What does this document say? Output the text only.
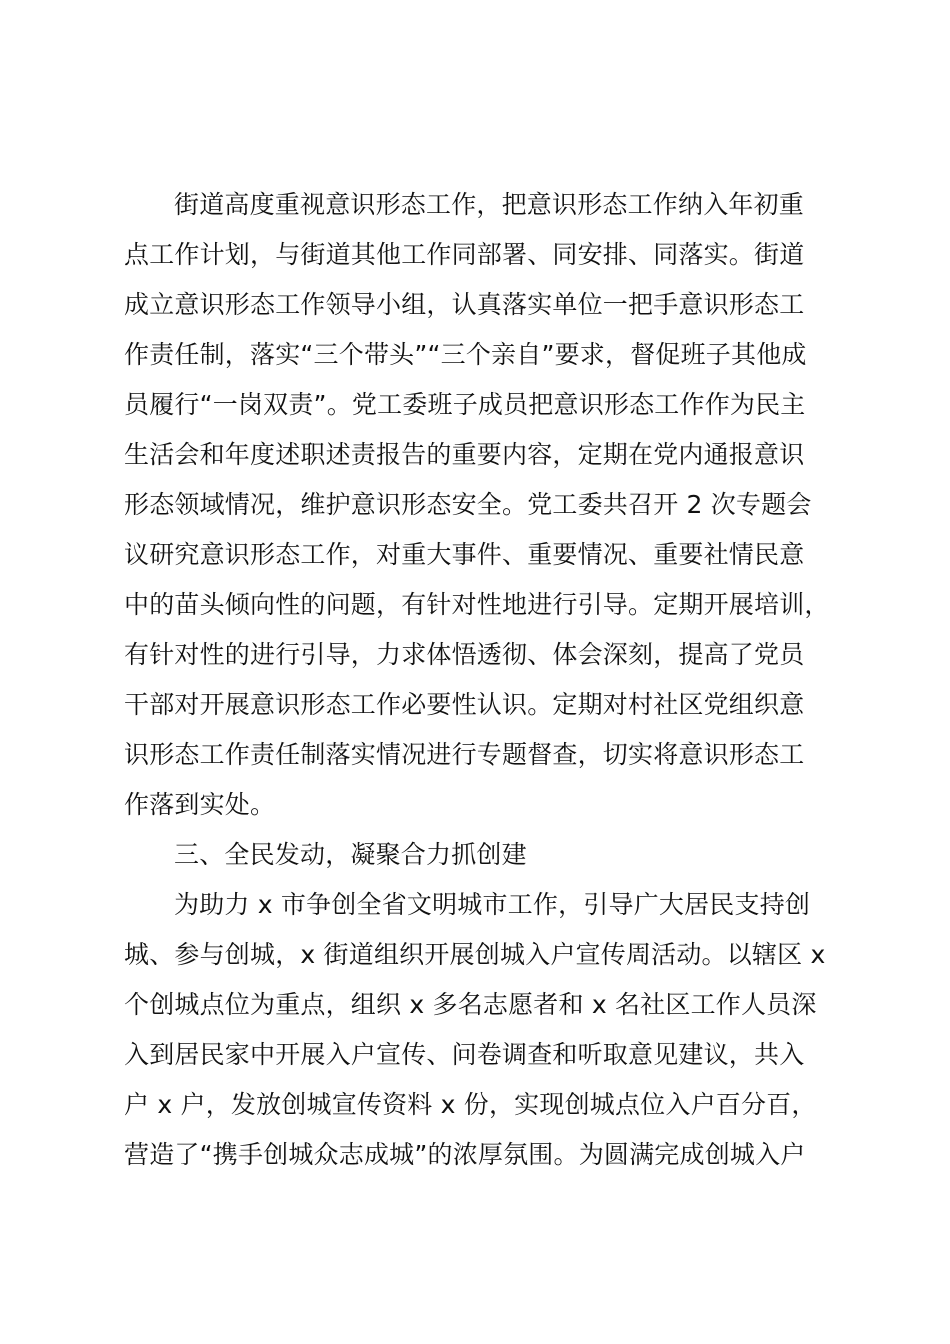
街道高度重视意识形态工作，把意识形态工作纳入年初重
点工作计划，与街道其他工作同部署、同安排、同落实。街道
成立意识形态工作领导小组，认真落实单位一把手意识形态工
作责任制，落实“三个带头”“三个亲自”要求，督促班子其他成
员履行“一岗双责”。党工委班子成员把意识形态工作作为民主
生活会和年度述职述责报告的重要内容，定期在党内通报意识
形态领域情况，维护意识形态安全。党工委共召开 2 次专题会
议研究意识形态工作，对重大事件、重要情况、重要社情民意
中的苗头倾向性的问题，有针对性地进行引导。定期开展培训，
有针对性的进行引导，力求体悟透彻、体会深刻，提高了党员
干部对开展意识形态工作必要性认识。定期对村社区党组织意
识形态工作责任制落实情况进行专题督查，切实将意识形态工
作落到实处。
三、全民发动，凝聚合力抓创建
为助力 x 市争创全省文明城市工作，引导广大居民支持创
城、参与创城，x 街道组织开展创城入户宣传周活动。以辖区 x
个创城点位为重点，组织 x 多名志愿者和 x 名社区工作人员深
入到居民家中开展入户宣传、问卷调查和听取意见建议，共入
户 x 户，发放创城宣传资料 x 份，实现创城点位入户百分百，
营造了“携手创城众志成城”的浓厚氛围。为圆满完成创城入户
